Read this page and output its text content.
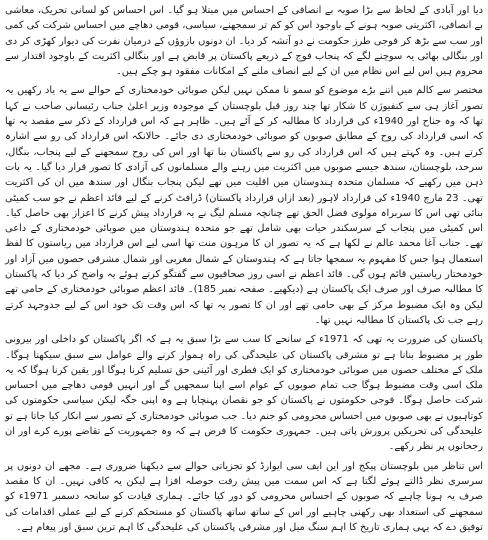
دیا اور آبادی کے لحاظ سے بڑا صوبہ بے انصافی کے احساس میں مبتلا ہو گیا۔ اس احساس کو لسانی تحریک، معاشی بے انصافی، اکثریتی صوبہ ہونے کے باوجود اس کو کم تر سمجھنے، سیاسی، قومی دھاچے میں احساس شرکت کی کمی اور سب سے بڑھ کر فوجی طرز حکومت نے دو آتشہ کر دیا۔ ان دونوں بازوؤں کے درمیان نفرت کی دیوار کھڑی کر دی اور بنگالی بھائی یہ سوچنے لگے کہ پنجاب فوج کے ذریعے پاکستان پر قابض ہے اور بنگالی اکثریت کے باوجود اقتدار سے محروم ہیں اس لیے اس نظام میں ان کے لیے انصاف ملنے کے امکانات مفقود ہو چکے ہیں۔

مختصر سے کالم میں اتنے بڑے موضوع کو سمو نا ممکن نہیں لیکن صوبائی خودمختاری کے حوالے سے یہ یاد رکھیں یہ تصور آغاز ہی سے کنفیوژن کا شکار تھا چند روز قبل بلوچستان کے موجودہ وزیر اعلیٰ جناب رئیسانی صاحب نے کہا تھا کہ وہ جناح اور 1940ء کی قرارداد کا مطالبہ کر کے آئے ہیں۔ ظاہر ہے کہ اس قرارداد کے ذکر سے مقصد یہ تھا کہ اسی قرارداد کی روح کے مطابق صوبوں کو صوبائی خودمختاری دی جائے۔ حالانکہ اس قرارداد کی رو سے اشارہ کرتے ہیں۔ وہ کہتے ہیں کہ اس قرارداد کی رو سے پاکستان بنا تھا اور اس کی روح سمجھنے کے لیے پنجاب، بنگال، سرحد، بلوچستان، سندھ جیسے صوبوں میں اکثریت میں رہنے والے مسلمانوں کی آزادی کا تصور قرار دیا گیا۔ یہ بات ذہن میں رکھیے کہ مسلمان متحدہ ہندوستان میں اقلیت میں تھے لیکن پنجاب بنگال اور سندھ میں ان کی اکثریت تھی۔ 23 مارچ 1940ء کی قرارداد لاہور (بعد ازاں قرارداد پاکستان) ڈرافٹ کرنے کے لیے قائد اعظم نے جو سب کمیٹی بنائی تھی اس کا سربراہ مولوی فضل الحق تھے چنانچہ مسلم لیگ نے یہ قرارداد پیش کرنے کا اعزاز بھی حاصل کیا۔ اس کمیٹی میں پنجاب کے سرسکندر حیات بھی شامل تھے جو متحدہ ہندوستان میں صوبائی خودمختاری کے داعی تھے۔ جناب آغا محمد عالم نے لکھا ہے کہ یہ تصور ان کا مرہون منت تھا اسی لیے اس قرارداد میں ریاستوں کا لفظ استعمال ہوا جس کا مفہوم یہ سمجھا جاتا ہے کہ ہندوستان کے شمال مغربی اور شمال مشرقی حصوں میں آزاد اور خودمختار ریاستیں قائم ہوں گی۔ قائد اعظم نے اسی روز صحافیوں سے گفتگو کرتے ہوئے یہ واضح کر دیا کہ پاکستان کا مطالبہ صرف اور صرف ایک پاکستان ہے (دیکھیے۔ صفحہ نمبر 185)۔ قائد اعظم صوبائی خودمختاری کے حامی تھے لیکن وہ ایک مضبوط مرکز کے بھی حامی تھے اور ان کا تصور یہ تھا کہ اس وقت تک خود اس کے لیے جدوجہد کرتے رہے جب تک پاکستان کا مطالبہ نہیں تھا۔

پاکستان کی ضرورت یہ تھی کہ 1971ء کے سانحے کا سب سے بڑا سبق یہ ہے کہ اگر پاکستان کو داخلی اور بیرونی طور پر مضبوط بنانا ہے تو مشرقی پاکستان کی علیحدگی کی راہ ہموار کرنے والے عوامل سے سبق سیکھنا ہوگا۔ ملک کے مختلف حصوں میں صوبائی خودمختاری کو ایک فطری اور آئینی حق تسلیم کرنا ہوگا اور یقین کرنا ہوگا کہ یہ ملک اسی وقت مضبوط ہوگا جب تمام صوبوں کے عوام اسے اپنا سمجھیں گے اور انہیں قومی دھاچے میں احساس شرکت حاصل ہوگا۔ فوجی حکومتوں نے پاکستان کو جو نقصان پہنچایا ہے وہ اپنی جگہ لیکن سیاسی حکومتوں کی کوتاہیوں نے بھی صوبوں میں احساس محرومی کو جنم دیا۔ جب صوبائی خودمختاری کے تصور سے انکار کیا جاتا ہے تو علیحدگی کی تحریکیں پرورش پاتی ہیں۔ جمہوری حکومت کا فرض ہے کہ وہ جمہوریت کے تقاضے پورے کرے اور ان رجحانوں پر نظر رکھے۔

اس تناظر میں بلوچستان پیکج اور این ایف سی ایوارڈ کو تجزیاتی حوالے سے دیکھنا ضروری ہے۔ مجھے ان دونوں پر سرسری نظر ڈالتے ہوئے لگتا ہے کہ اس سمت میں پیش رفت حوصلہ افزا ہے لیکن یہ کافی نہیں۔ ان کا مقصد صرف یہ ہونا چاہیے کہ صوبوں کے احساس محرومی کو دور کیا جائے۔ ہماری قیادت کو سانحہ دسمبر 1971ء کو سمجھنے کی استعداد بھی رکھنی چاہیے اور اس کے ساتھ ساتھ پاکستان کو مستحکم کرنے کے لیے عملی اقدامات کی توفیق دے کہ یہی ہماری تاریخ کا اہم سنگ میل اور مشرقی پاکستان کی علیحدگی کا اہم ترین سبق اور پیغام ہے۔
